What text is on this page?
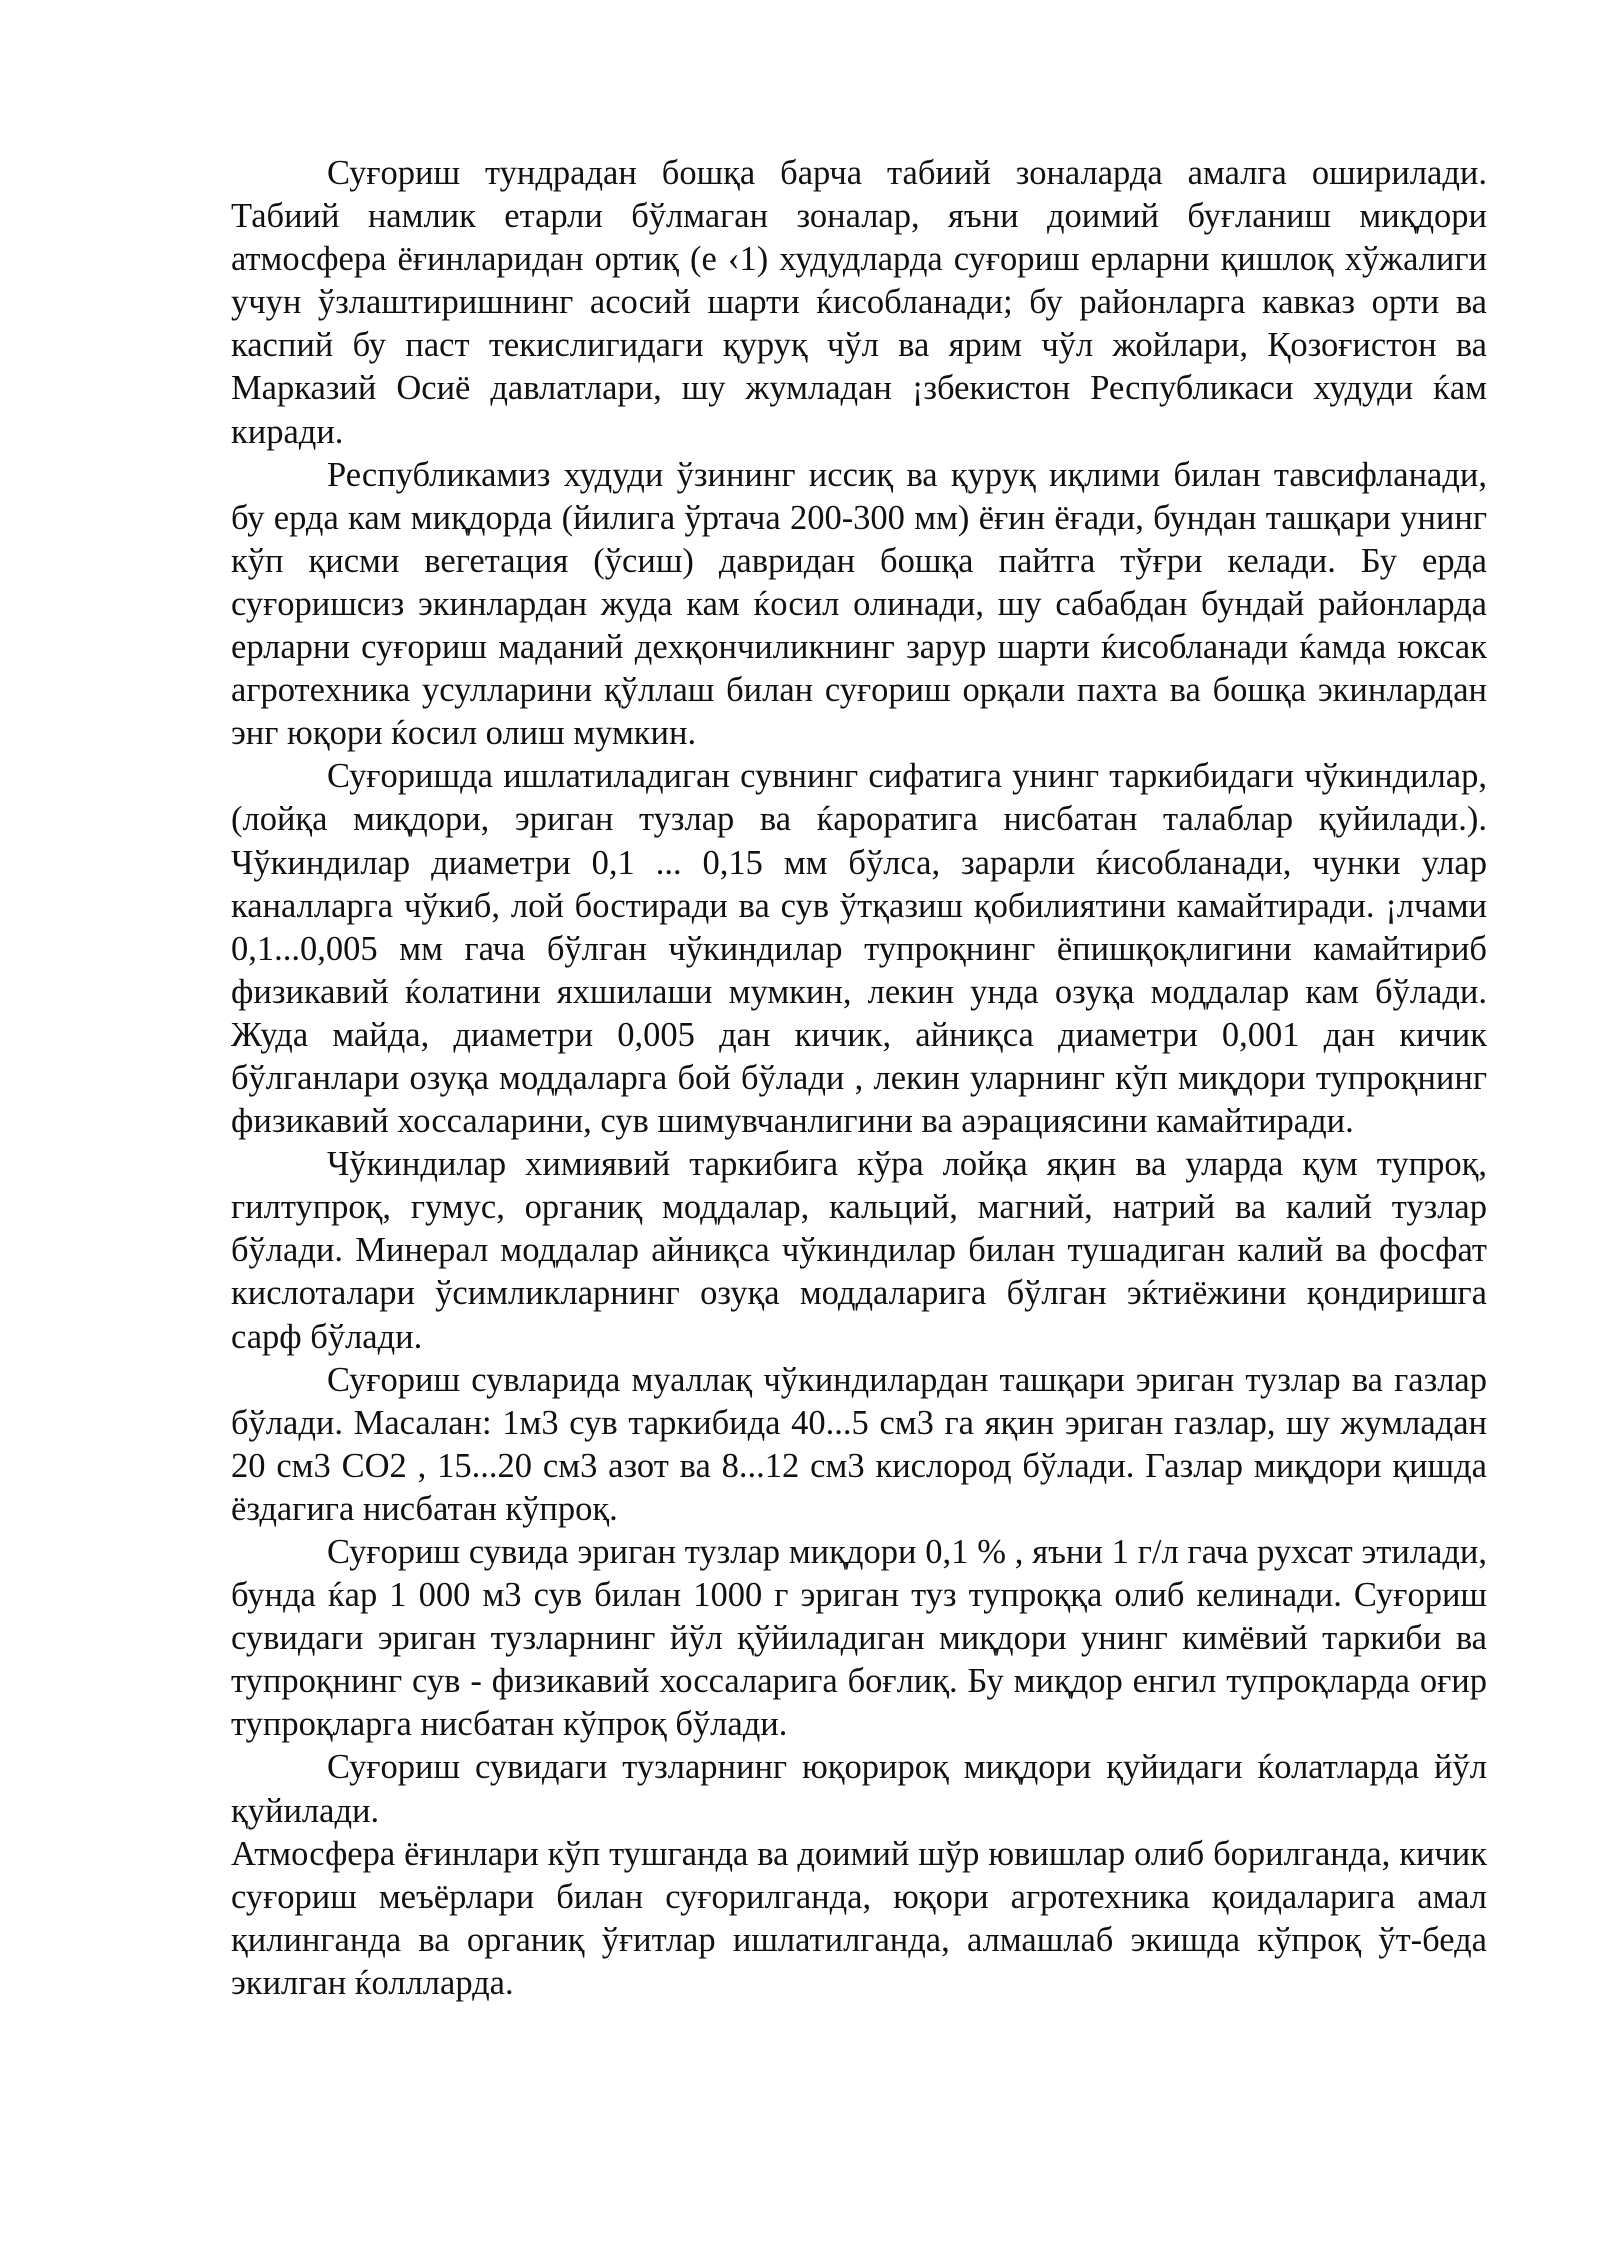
Суғориш тундрадан бошқа барча табиий зоналарда амалга оширилади. Табиий намлик етарли бўлмаган зоналар, яъни доимий буғланиш миқдори атмосфера ёғинларидан ортиқ (е ‹1) худудларда суғориш ерларни қишлоқ хўжалиги учун ўзлаштиришнинг асосий шарти ќисобланади; бу районларга кавказ орти ва каспий бу паст текислигидаги қуруқ чўл ва ярим чўл жойлари, Қозоғистон ва Марказий Осиё давлатлари, шу жумладан ¡збекистон Республикаси худуди ќам киради.

Республикамиз худуди ўзининг иссиқ ва қуруқ иқлими билан тавсифланади, бу ерда кам миқдорда (йилига ўртача 200-300 мм) ёғин ёғади, бундан ташқари унинг кўп қисми вегетация (ўсиш) давридан бошқа пайтга тўғри келади. Бу ерда суғоришсиз экинлардан жуда кам ќосил олинади, шу сабабдан бундай районларда ерларни суғориш маданий дехқончиликнинг зарур шарти ќисобланади ќамда юксак агротехника усулларини қўллаш билан суғориш орқали пахта ва бошқа экинлардан энг юқори ќосил олиш мумкин.

Суғоришда ишлатиладиган сувнинг сифатига унинг таркибидаги чўкиндилар, (лойқа миқдори, эриган тузлар ва ќароратига нисбатан талаблар қуйилади.). Чўкиндилар диаметри 0,1 ... 0,15 мм бўлса, зарарли ќисобланади, чунки улар каналларга чўкиб, лой бостиради ва сув ўтқазиш қобилиятини камайтиради. ¡лчами 0,1...0,005 мм гача бўлган чўкиндилар тупроқнинг ёпишқоқлигини камайтириб физикавий ќолатини яхшилаши мумкин, лекин унда озуқа моддалар кам бўлади. Жуда майда, диаметри 0,005 дан кичик, айниқса диаметри 0,001 дан кичик бўлганлари озуқа моддаларга бой бўлади , лекин уларнинг кўп миқдори тупроқнинг физикавий хоссаларини, сув шимувчанлигини ва аэрациясини камайтиради.

Чўкиндилар химиявий таркибига кўра лойқа яқин ва уларда қум тупроқ, гилтупроқ, гумус, органиқ моддалар, кальций, магний, натрий ва калий тузлар бўлади. Минерал моддалар айниқса чўкиндилар билан тушадиган калий ва фосфат кислоталари ўсимликларнинг озуқа моддаларига бўлган эќтиёжини қондиришга сарф бўлади.

Суғориш сувларида муаллақ чўкиндилардан ташқари эриган тузлар ва газлар бўлади. Масалан: 1м3 сув таркибида 40...5 см3 га яқин эриган газлар, шу жумладан 20 см3 СО2 , 15...20 см3 азот ва 8...12 см3 кислород бўлади. Газлар миқдори қишда ёздагига нисбатан кўпроқ.

Суғориш сувида эриган тузлар миқдори 0,1 % , яъни 1 г/л гача рухсат этилади, бунда ќар 1 000 м3 сув билан 1000 г эриган туз тупроққа олиб келинади. Суғориш сувидаги эриган тузларнинг йўл қўйиладиган миқдори унинг кимёвий таркиби ва тупроқнинг сув - физикавий хоссаларига боғлиқ. Бу миқдор енгил тупроқларда оғир тупроқларга нисбатан кўпроқ бўлади.

Суғориш сувидаги тузларнинг юқорироқ миқдори қуйидаги ќолатларда йўл қуйилади.

Атмосфера ёғинлари кўп тушганда ва доимий шўр ювишлар олиб борилганда, кичик суғориш меъёрлари билан суғорилганда, юқори агротехника қоидаларига амал қилинганда ва органиқ ўғитлар ишлатилганда, алмашлаб экишда кўпроқ ўт-беда экилган ќоллларда.
